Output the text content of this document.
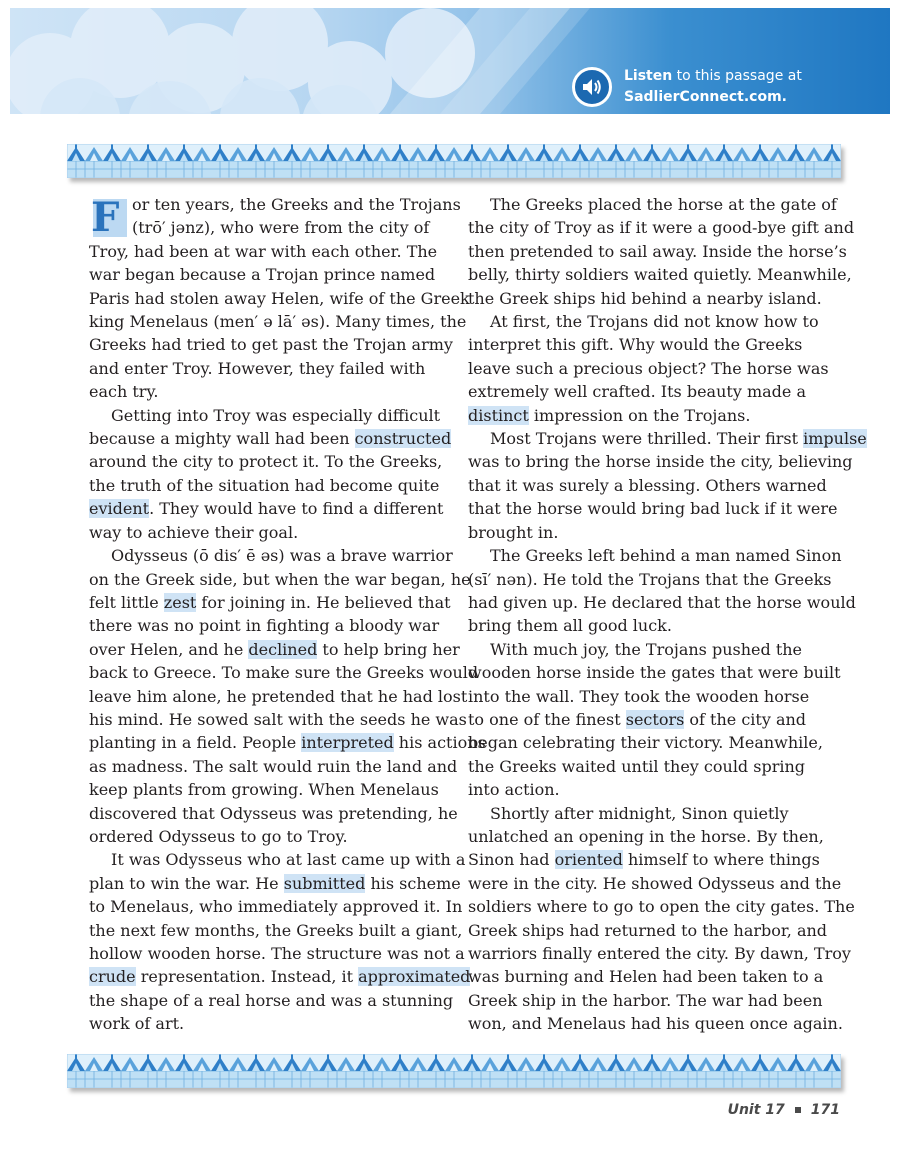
Listen to this passage at
SadlierConnect.com.
F or ten years, the Greeks and the Trojans

(trō′ jənz), who were from the city of

Troy, had been at war with each other. The

war began because a Trojan prince named

Paris had stolen away Helen, wife of the Greek

king Menelaus (men′ ə lā′ əs). Many times, the

Greeks had tried to get past the Trojan army

and enter Troy. However, they failed with

each try.

Getting into Troy was especially difficult

because a mighty wall had been constructed

around the city to protect it. To the Greeks,

the truth of the situation had become quite

evident. They would have to find a different

way to achieve their goal.

Odysseus (ō dis′ ē əs) was a brave warrior

on the Greek side, but when the war began, he

felt little zest for joining in. He believed that

there was no point in fighting a bloody war

over Helen, and he declined to help bring her

back to Greece. To make sure the Greeks would

leave him alone, he pretended that he had lost

his mind. He sowed salt with the seeds he was

planting in a field. People interpreted his actions

as madness. The salt would ruin the land and

keep plants from growing. When Menelaus

discovered that Odysseus was pretending, he

ordered Odysseus to go to Troy.

It was Odysseus who at last came up with a

plan to win the war. He submitted his scheme

to Menelaus, who immediately approved it. In

the next few months, the Greeks built a giant,

hollow wooden horse. The structure was not a

crude representation. Instead, it approximated

the shape of a real horse and was a stunning

work of art.

The Greeks placed the horse at the gate of

the city of Troy as if it were a good-bye gift and

then pretended to sail away. Inside the horse’s

belly, thirty soldiers waited quietly. Meanwhile,

the Greek ships hid behind a nearby island.

At first, the Trojans did not know how to

interpret this gift. Why would the Greeks

leave such a precious object? The horse was

extremely well crafted. Its beauty made a

distinct impression on the Trojans.

Most Trojans were thrilled. Their first impulse

was to bring the horse inside the city, believing

that it was surely a blessing. Others warned

that the horse would bring bad luck if it were

brought in.

The Greeks left behind a man named Sinon

(sī′ nən). He told the Trojans that the Greeks

had given up. He declared that the horse would

bring them all good luck.

With much joy, the Trojans pushed the

wooden horse inside the gates that were built

into the wall. They took the wooden horse

to one of the finest sectors of the city and

began celebrating their victory. Meanwhile,

the Greeks waited until they could spring

into action.

Shortly after midnight, Sinon quietly

unlatched an opening in the horse. By then,

Sinon had oriented himself to where things

were in the city. He showed Odysseus and the

soldiers where to go to open the city gates. The

Greek ships had returned to the harbor, and

warriors finally entered the city. By dawn, Troy

was burning and Helen had been taken to a

Greek ship in the harbor. The war had been

won, and Menelaus had his queen once again.

Unit 17 171
